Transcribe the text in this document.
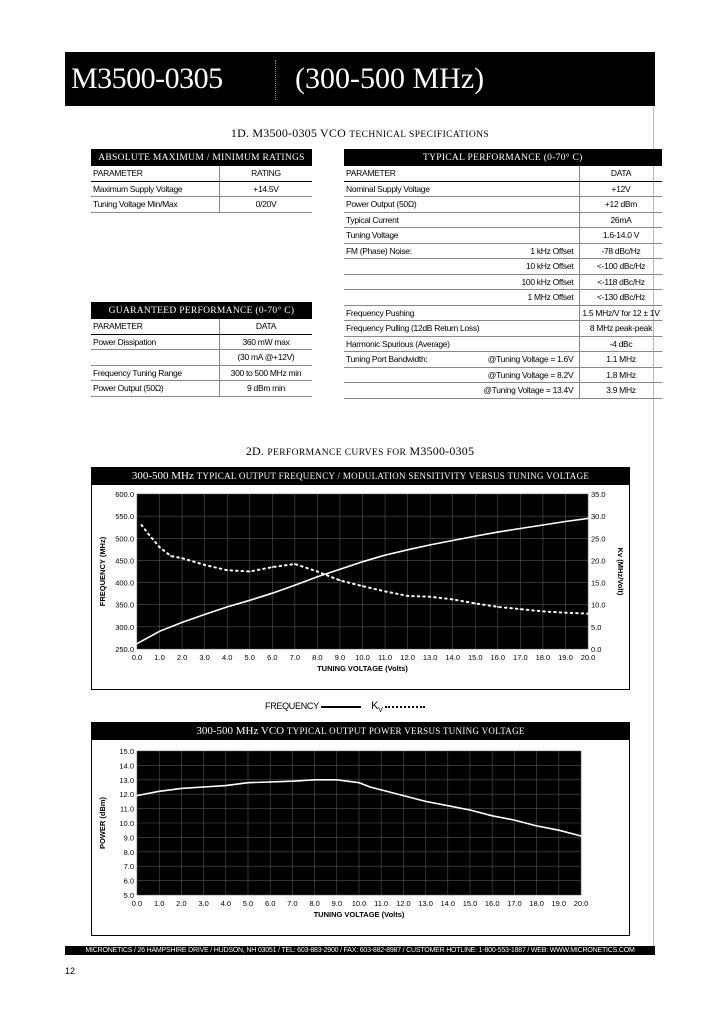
M3500-0305 (300-500 MHz)
1D. M3500-0305 VCO TECHNICAL SPECIFICATIONS
ABSOLUTE MAXIMUM / MINIMUM RATINGS	
PARAMETER	RATING
Maximum Supply Voltage	+14.5V
Tuning Voltage Min/Max	0/20V
GUARANTEED PERFORMANCE (0-70° C)	
PARAMETER	DATA
Power Dissipation	360 mW max
	(30 mA @+12V)
Frequency Tuning Range	300 to 500 MHz min
Power Output (50Ω)	9 dBm min
TYPICAL PERFORMANCE (0-70° C)		
PARAMETER		DATA
Nominal Supply Voltage		+12V
Power Output (50Ω)		+12 dBm
Typical Current		26mA
Tuning Voltage		1.6-14.0 V
FM (Phase) Noise:	1 kHz Offset	-78 dBc/Hz
	10 kHz Offset	<-100 dBc/Hz
	100 kHz Offset	<-118 dBc/Hz
	1 MHz Offset	<-130 dBc/Hz
Frequency Pushing		1.5 MHz/V for 12 ± 1V
Frequency Pulling (12dB Return Loss)		8 MHz peak-peak
Harmonic Spurious (Average)		-4 dBc
Tuning Port Bandwidth:	@Tuning Voltage = 1.6V	1.1 MHz
	@Tuning Voltage = 8.2V	1.8 MHz
	@Tuning Voltage = 13.4V	3.9 MHz
2D. PERFORMANCE CURVES FOR M3500-0305
300-500 MHz TYPICAL OUTPUT FREQUENCY / MODULATION SENSITIVITY VERSUS TUNING VOLTAGE
0.0 1.0 2.0 3.0 4.0 5.0 6.0 7.0 8.0 9.0 10.0 11.0 12.0 13.0 14.0 15.0 16.0 17.0 18.0 19.0 20.0
600.0
550.0
500.0
450.0
400.0
350.0
300.0
250.0
TUNING VOLTAGE (Volts)
FREQUENCY (MHz)
35.0
30.0
25.0
20.0
15.0
10.0
5.0
0.0
Kv (MHz/Volt)
FREQUENCY	$K_V$
300-500 MHz VCO TYPICAL OUTPUT POWER VERSUS TUNING VOLTAGE
0.0 1.0 2.0 3.0 4.0 5.0 6.0 7.0 8.0 9.0 10.0 11.0 12.0 13.0 14.0 15.0 16.0 17.0 18.0 19.0 20.0
15.0
14.0
13.0
12.0
11.0
10.0
9.0
8.0
7.0
6.0
5.0
TUNING VOLTAGE (Volts)
POWER (dBm)
MICRONETICS / 26 HAMPSHIRE DRIVE / HUDSON, NH 03051 / TEL: 603-883-2900 / FAX: 603-882-8987 / CUSTOMER HOTLINE: 1-800-553-1887 / WEB: WWW.MICRONETICS.COM
12
